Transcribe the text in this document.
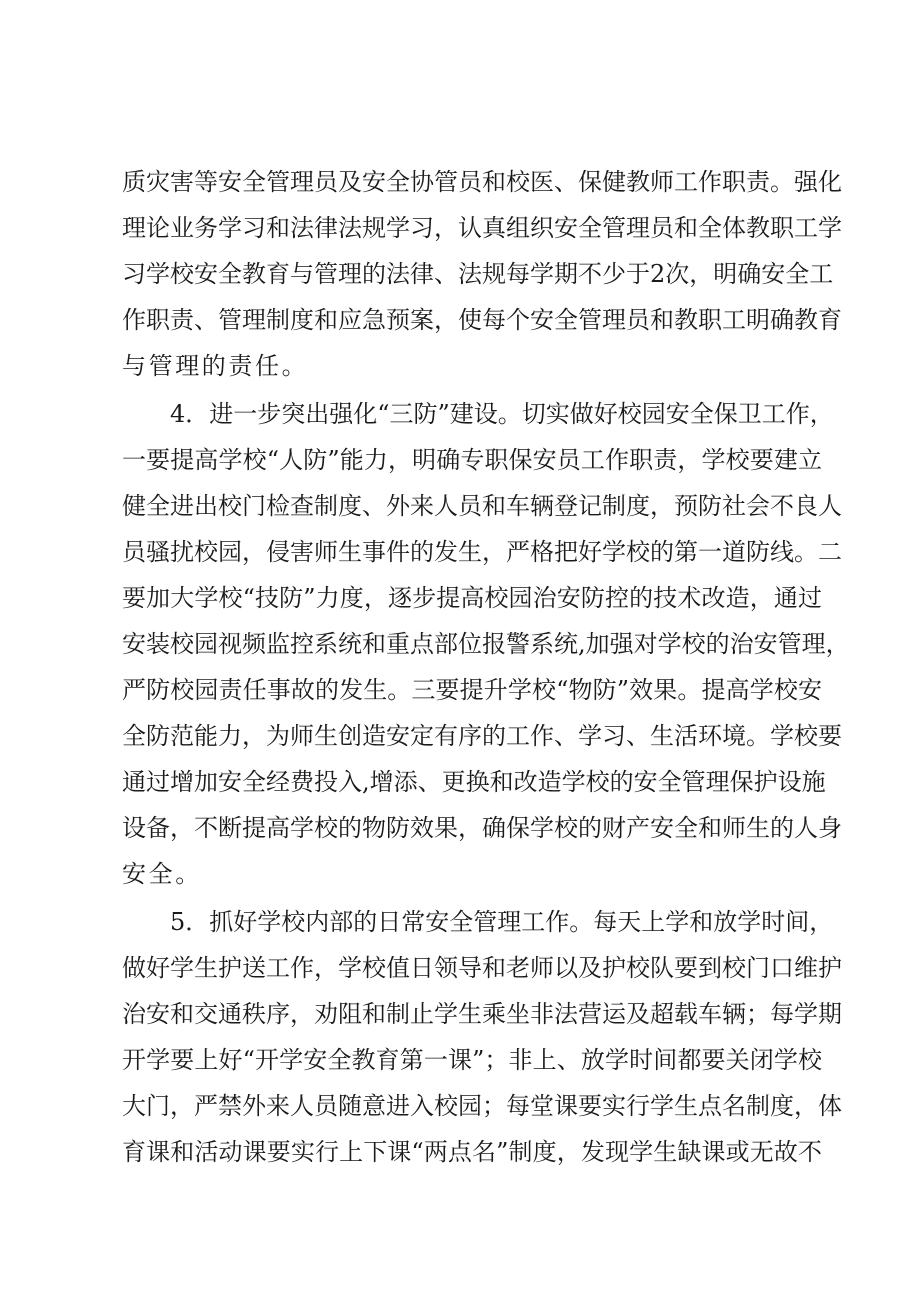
质灾害等安全管理员及安全协管员和校医、保健教师工作职责。强化

理论业务学习和法律法规学习，认真组织安全管理员和全体教职工学

习学校安全教育与管理的法律、法规每学期不少于2次，明确安全工

作职责、管理制度和应急预案，使每个安全管理员和教职工明确教育

与管理的责任。

4．进一步突出强化“三防”建设。切实做好校园安全保卫工作，

一要提高学校“人防”能力，明确专职保安员工作职责，学校要建立

健全进出校门检查制度、外来人员和车辆登记制度，预防社会不良人

员骚扰校园，侵害师生事件的发生，严格把好学校的第一道防线。二

要加大学校“技防”力度，逐步提高校园治安防控的技术改造，通过

安装校园视频监控系统和重点部位报警系统,加强对学校的治安管理，

严防校园责任事故的发生。三要提升学校“物防”效果。提高学校安

全防范能力，为师生创造安定有序的工作、学习、生活环境。学校要

通过增加安全经费投入,增添、更换和改造学校的安全管理保护设施

设备，不断提高学校的物防效果，确保学校的财产安全和师生的人身

安全。

5．抓好学校内部的日常安全管理工作。每天上学和放学时间，

做好学生护送工作，学校值日领导和老师以及护校队要到校门口维护

治安和交通秩序，劝阻和制止学生乘坐非法营运及超载车辆；每学期

开学要上好“开学安全教育第一课”；非上、放学时间都要关闭学校

大门，严禁外来人员随意进入校园；每堂课要实行学生点名制度，体

育课和活动课要实行上下课“两点名”制度，发现学生缺课或无故不
